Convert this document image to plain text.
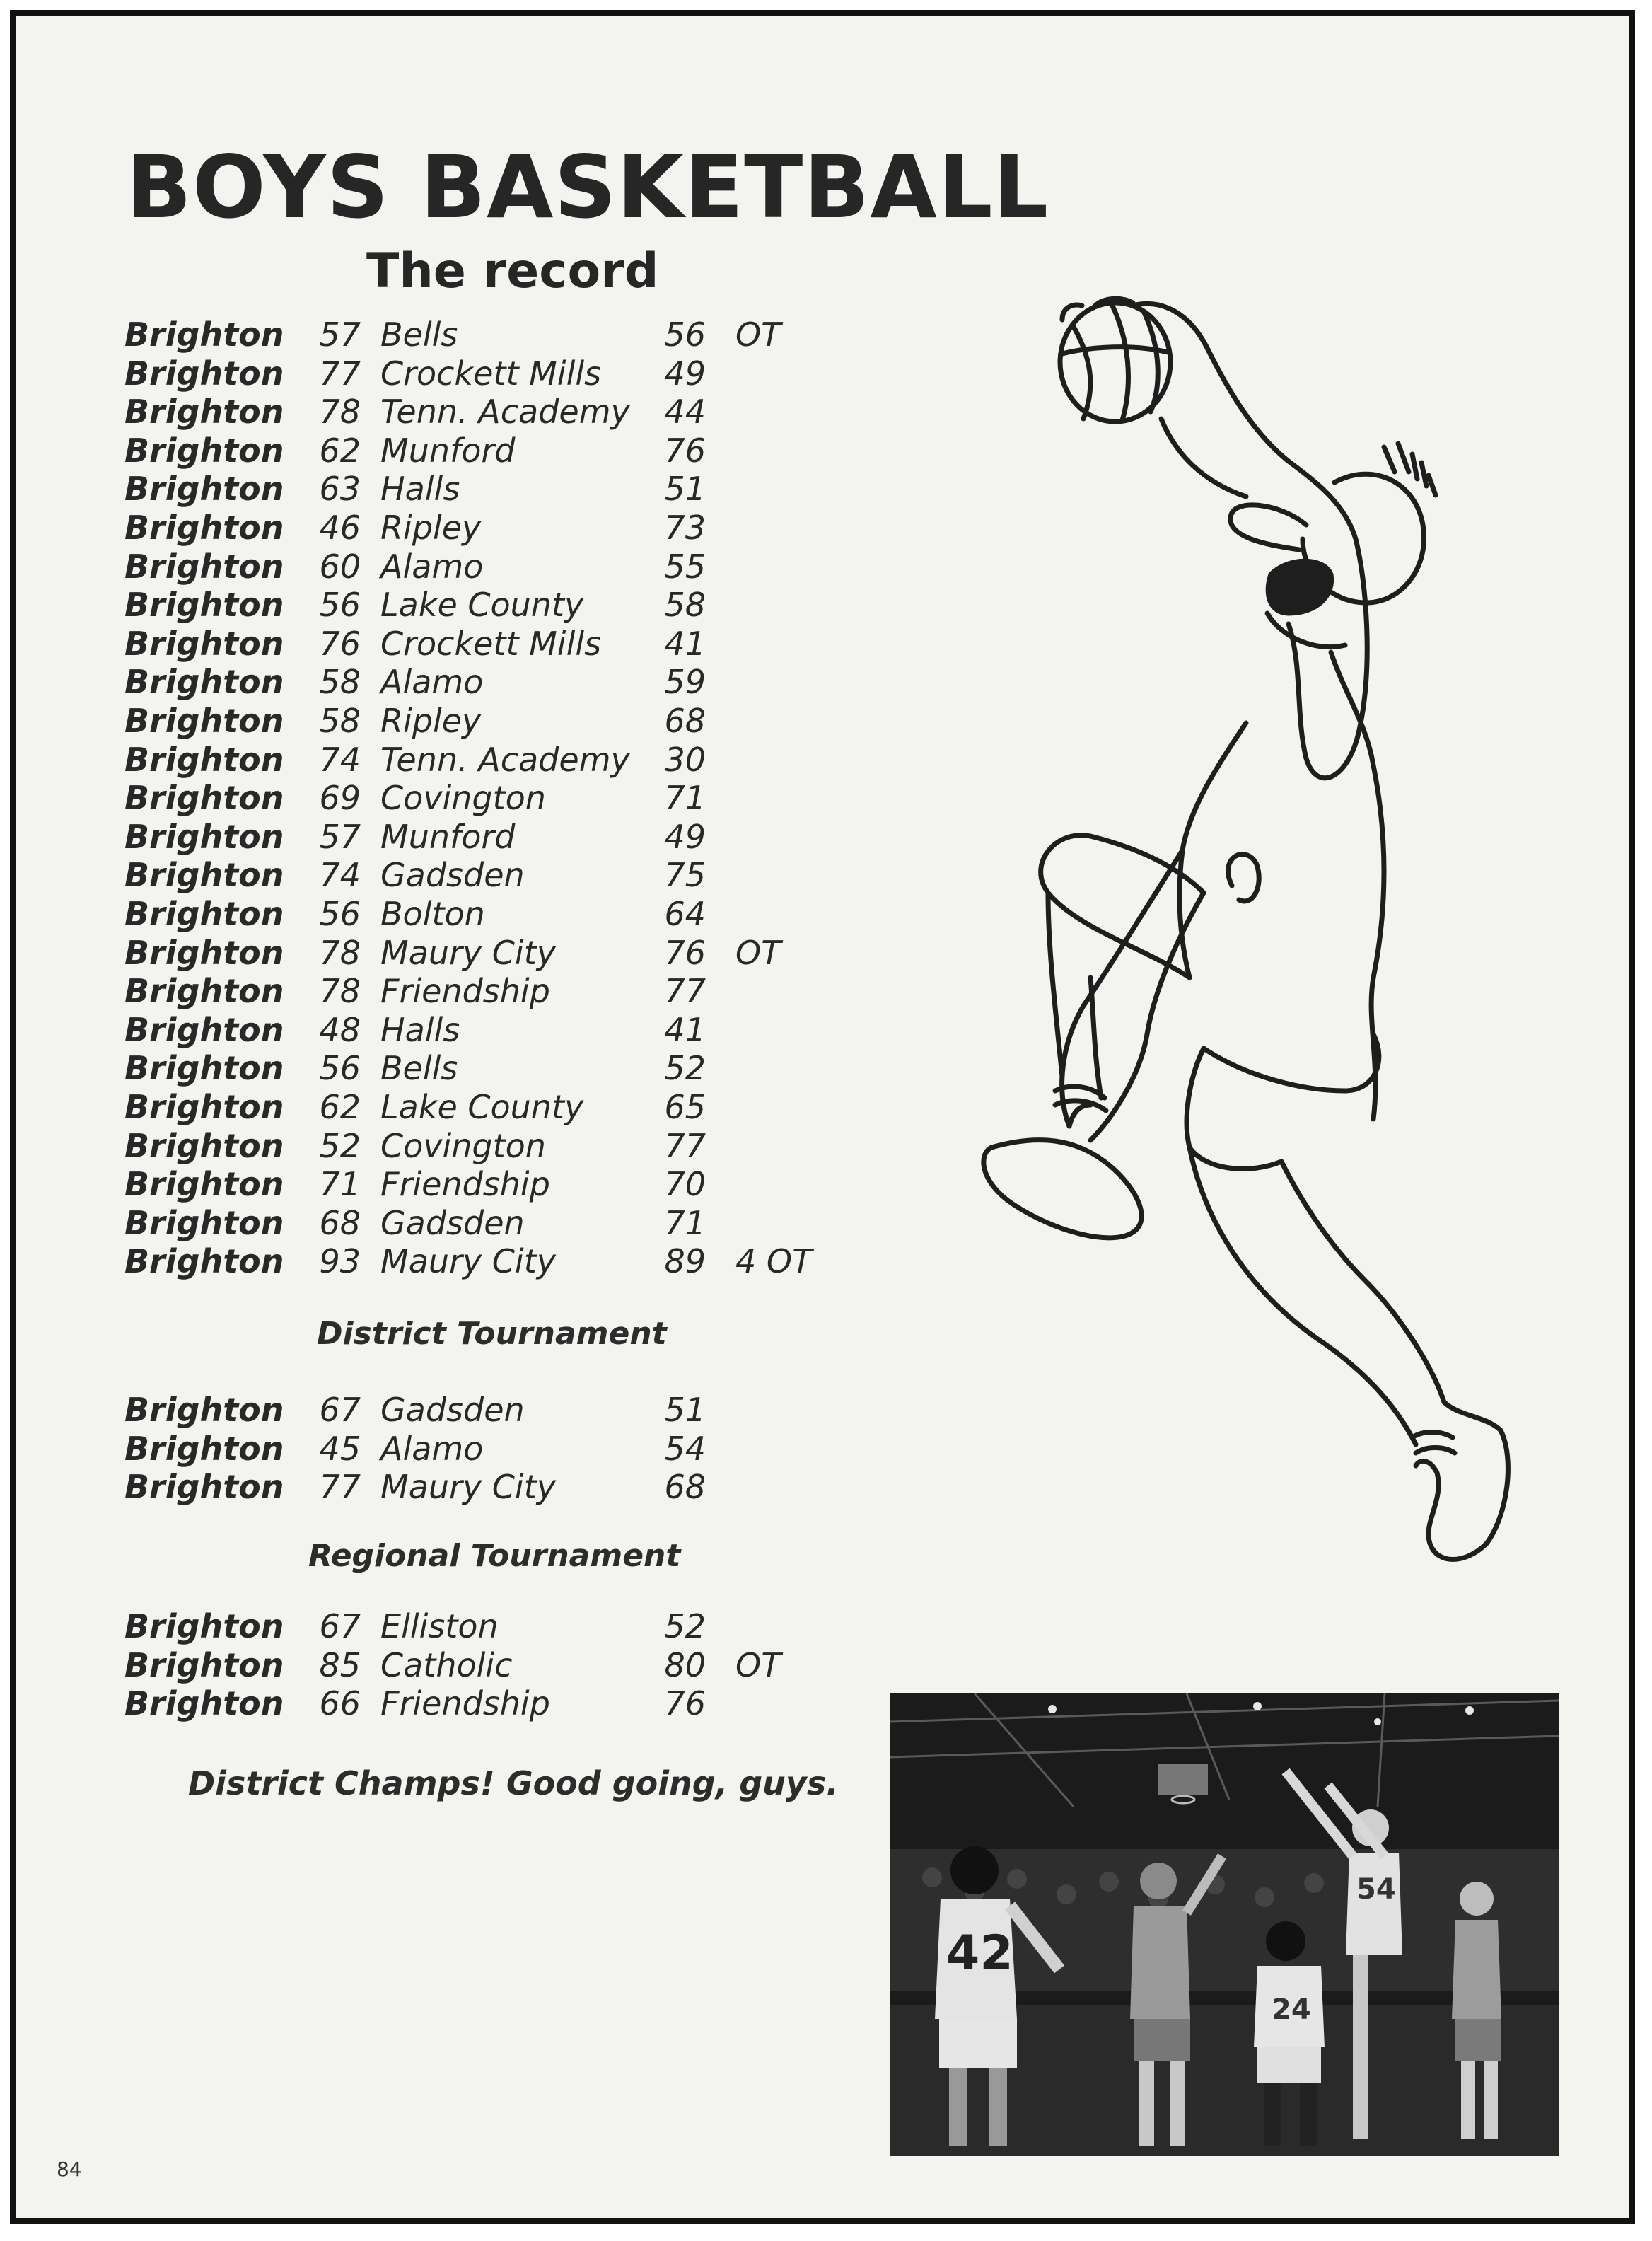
BOYS BASKETBALL
The record
Brighton 57 Bells	56 OT
Brighton 77 Crockett Mills 49
Brighton 78 Tenn. Academy 44
Brighton 62 Munford	76
Brighton 63 Halls	51
Brighton 46 Ripley	73
Brighton 60 Alamo	55
Brighton 56 Lake County 58
Brighton 76 Crockett Mills 41
Brighton 58 Alamo	59
Brighton 58 Ripley	68
Brighton 74 Tenn. Academy 30
Brighton 69 Covington	71
Brighton 57 Munford	49
Brighton 74 Gadsden	75
Brighton 56 Bolton	64
Brighton 78 Maury City	76 OT
Brighton 78 Friendship	77
Brighton 48 Halls	41
Brighton 56 Bells	52
Brighton 62 Lake County 65
Brighton 52 Covington	77
Brighton 71 Friendship	70
Brighton 68 Gadsden	71
Brighton 93 Maury City	89 4 OT
District Tournament
Brighton 67 Gadsden	51
Brighton 45 Alamo	54
Brighton 77 Maury City	68
Regional Tournament
Brighton 67 Elliston	52
Brighton 85 Catholic	80 OT
Brighton 66 Friendship	76
District Champs! Good going, guys.
42
54
24
84
